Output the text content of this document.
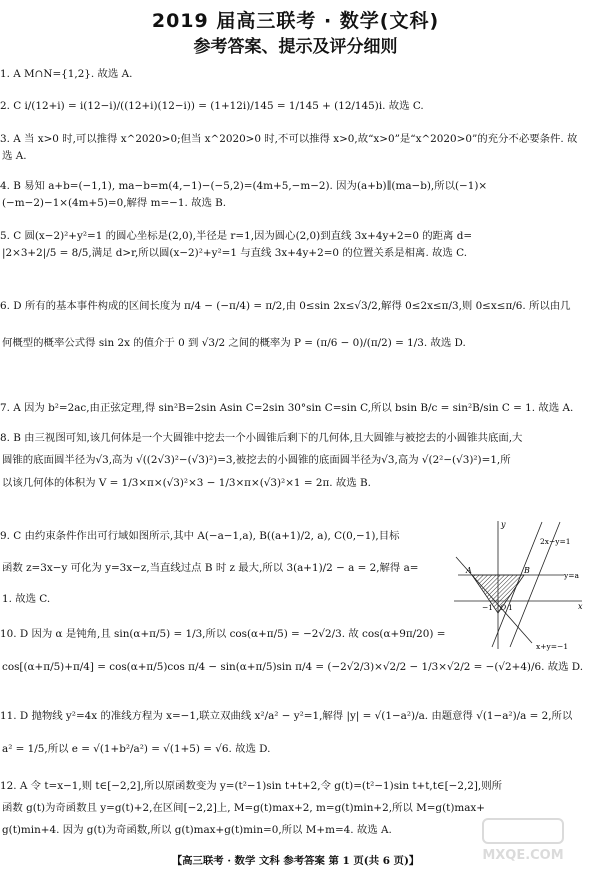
2019 届高三联考 · 数学(文科)
参考答案、提示及评分细则
1. A M∩N={1,2}. 故选 A.
2. C i/(12+i) = i(12−i)/((12+i)(12−i)) = (1+12i)/145 = 1/145 + (12/145)i. 故选 C.
3. A 当 x>0 时,可以推得 x^2020>0;但当 x^2020>0 时,不可以推得 x>0,故“x>0”是“x^2020>0”的充分不必要条件. 故
选 A.
4. B 易知 a+b=(−1,1), ma−b=m(4,−1)−(−5,2)=(4m+5,−m−2). 因为(a+b)∥(ma−b),所以(−1)×
(−m−2)−1×(4m+5)=0,解得 m=−1. 故选 B.
5. C 圆(x−2)²+y²=1 的圆心坐标是(2,0),半径是 r=1,因为圆心(2,0)到直线 3x+4y+2=0 的距离 d=
|2×3+2|/5 = 8/5,满足 d>r,所以圆(x−2)²+y²=1 与直线 3x+4y+2=0 的位置关系是相离. 故选 C.
6. D 所有的基本事件构成的区间长度为 π/4 − (−π/4) = π/2,由 0≤sin 2x≤√3/2,解得 0≤2x≤π/3,则 0≤x≤π/6. 所以由几
何概型的概率公式得 sin 2x 的值介于 0 到 √3/2 之间的概率为 P = (π/6 − 0)/(π/2) = 1/3. 故选 D.
7. A 因为 b²=2ac,由正弦定理,得 sin²B=2sin Asin C=2sin 30°sin C=sin C,所以 bsin B/c = sin²B/sin C = 1. 故选 A.
8. B 由三视图可知,该几何体是一个大圆锥中挖去一个小圆锥后剩下的几何体,且大圆锥与被挖去的小圆锥共底面,大
圆锥的底面圆半径为√3,高为 √((2√3)²−(√3)²)=3,被挖去的小圆锥的底面圆半径为√3,高为 √(2²−(√3)²)=1,所
以该几何体的体积为 V = 1/3×π×(√3)²×3 − 1/3×π×(√3)²×1 = 2π. 故选 B.
9. C 由约束条件作出可行域如图所示,其中 A(−a−1,a), B((a+1)/2, a), C(0,−1),目标
函数 z=3x−y 可化为 y=3x−z,当直线过点 B 时 z 最大,所以 3(a+1)/2 − a = 2,解得 a=
1. 故选 C.
y
x
2x−y=1
y=a
x+y=−1
A	B
O
−1 1
10. D 因为 α 是钝角,且 sin(α+π/5) = 1/3,所以 cos(α+π/5) = −2√2/3. 故 cos(α+9π/20) =
cos[(α+π/5)+π/4] = cos(α+π/5)cos π/4 − sin(α+π/5)sin π/4 = (−2√2/3)×√2/2 − 1/3×√2/2 = −(√2+4)/6. 故选 D.
11. D 抛物线 y²=4x 的准线方程为 x=−1,联立双曲线 x²/a² − y²=1,解得 |y| = √(1−a²)/a. 由题意得 √(1−a²)/a = 2,所以
a² = 1/5,所以 e = √(1+b²/a²) = √(1+5) = √6. 故选 D.
12. A 令 t=x−1,则 t∈[−2,2],所以原函数变为 y=(t²−1)sin t+t+2,令 g(t)=(t²−1)sin t+t,t∈[−2,2],则所
函数 g(t)为奇函数且 y=g(t)+2,在区间[−2,2]上, M=g(t)max+2, m=g(t)min+2,所以 M=g(t)max+
g(t)min+4. 因为 g(t)为奇函数,所以 g(t)max+g(t)min=0,所以 M+m=4. 故选 A.
【高三联考 · 数学 文科 参考答案 第 1 页(共 6 页)】	MXQE.COM
